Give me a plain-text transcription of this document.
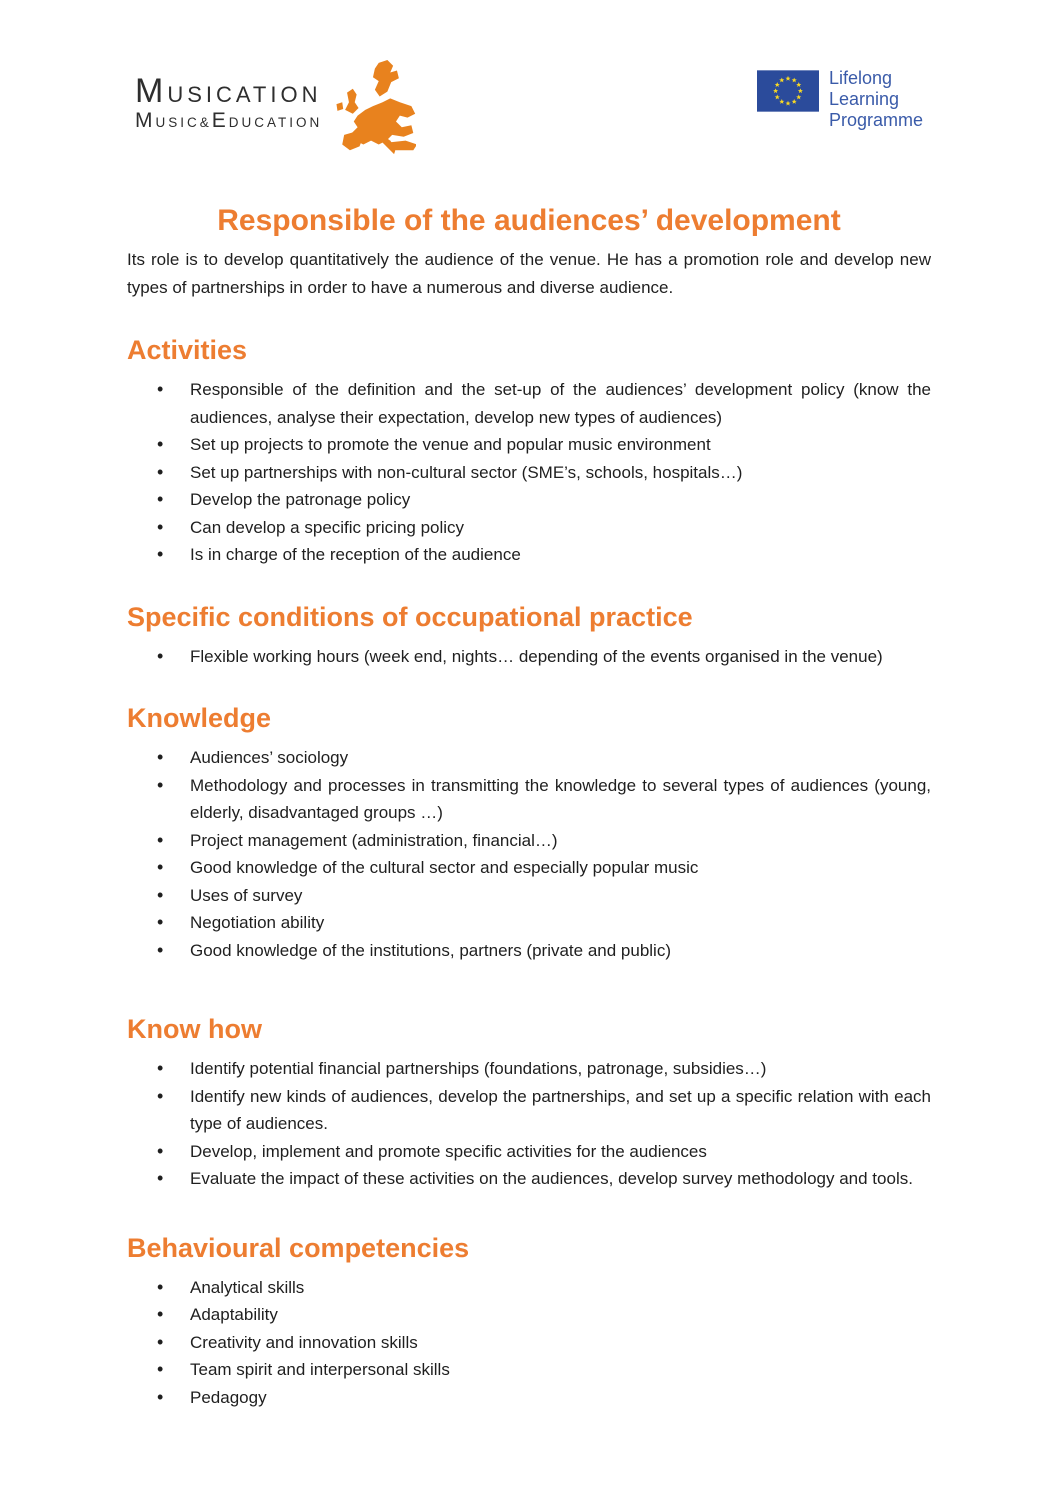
MUSICATION
MUSIC&EDUCATION
Lifelong
Learning
Programme
Responsible of the audiences’ development

Its role is to develop quantitatively the audience of the venue. He has a promotion role and develop new types of partnerships in order to have a numerous and diverse audience.

Activities
• Responsible of the definition and the set-up of the audiences’ development policy (know the audiences, analyse their expectation, develop new types of audiences)
• Set up projects to promote the venue and popular music environment
• Set up partnerships with non-cultural sector (SME’s, schools, hospitals…)
• Develop the patronage policy
• Can develop a specific pricing policy
• Is in charge of the reception of the audience
Specific conditions of occupational practice
• Flexible working hours (week end, nights… depending of the events organised in the venue)
Knowledge
• Audiences’ sociology
• Methodology and processes in transmitting the knowledge to several types of audiences (young, elderly, disadvantaged groups …)
• Project management (administration, financial…)
• Good knowledge of the cultural sector and especially popular music
• Uses of survey
• Negotiation ability
• Good knowledge of the institutions, partners (private and public)
Know how
• Identify potential financial partnerships (foundations, patronage, subsidies…)
• Identify new kinds of audiences, develop the partnerships, and set up a specific relation with each type of audiences.
• Develop, implement and promote specific activities for the audiences
• Evaluate the impact of these activities on the audiences, develop survey methodology and tools.
Behavioural competencies
• Analytical skills
• Adaptability
• Creativity and innovation skills
• Team spirit and interpersonal skills
• Pedagogy
